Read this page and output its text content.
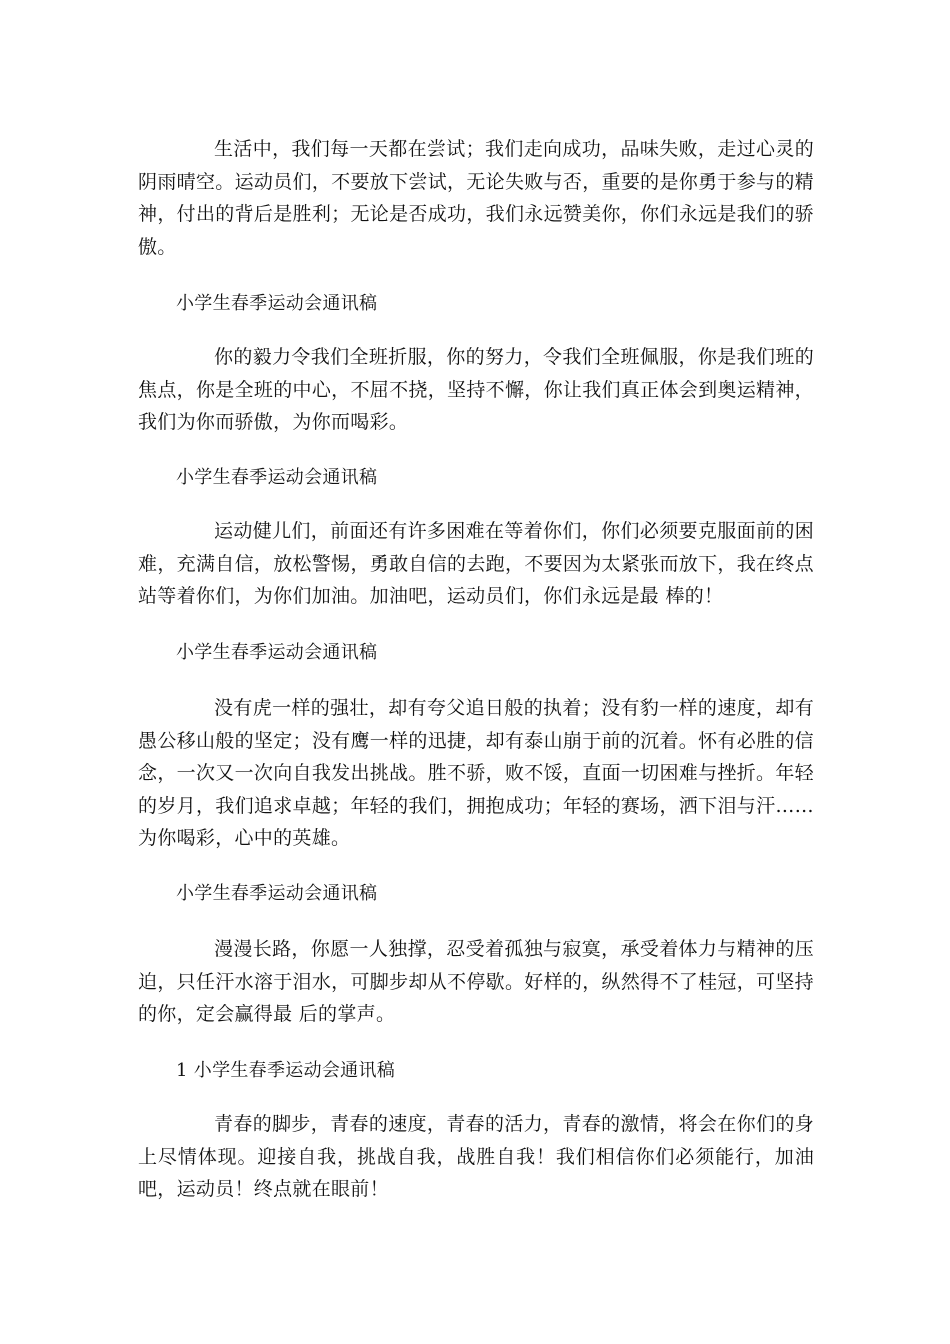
生活中，我们每一天都在尝试；我们走向成功，品味失败，走过心灵的阴雨晴空。运动员们，不要放下尝试，无论失败与否，重要的是你勇于参与的精神，付出的背后是胜利；无论是否成功，我们永远赞美你，你们永远是我们的骄傲。

小学生春季运动会通讯稿

你的毅力令我们全班折服，你的努力，令我们全班佩服，你是我们班的焦点，你是全班的中心，不屈不挠，坚持不懈，你让我们真正体会到奥运精神，我们为你而骄傲，为你而喝彩。

小学生春季运动会通讯稿

运动健儿们，前面还有许多困难在等着你们，你们必须要克服面前的困难，充满自信，放松警惕，勇敢自信的去跑，不要因为太紧张而放下，我在终点站等着你们，为你们加油。加油吧，运动员们，你们永远是最 棒的！

小学生春季运动会通讯稿

没有虎一样的强壮，却有夸父追日般的执着；没有豹一样的速度，却有愚公移山般的坚定；没有鹰一样的迅捷，却有泰山崩于前的沉着。怀有必胜的信念，一次又一次向自我发出挑战。胜不骄，败不馁，直面一切困难与挫折。年轻的岁月，我们追求卓越；年轻的我们，拥抱成功；年轻的赛场，洒下泪与汗……为你喝彩，心中的英雄。

小学生春季运动会通讯稿

漫漫长路，你愿一人独撑，忍受着孤独与寂寞，承受着体力与精神的压迫，只任汗水溶于泪水，可脚步却从不停歇。好样的，纵然得不了桂冠，可坚持的你，定会赢得最 后的掌声。

1 小学生春季运动会通讯稿

青春的脚步，青春的速度，青春的活力，青春的激情，将会在你们的身上尽情体现。迎接自我，挑战自我，战胜自我！我们相信你们必须能行，加油吧，运动员！终点就在眼前！
